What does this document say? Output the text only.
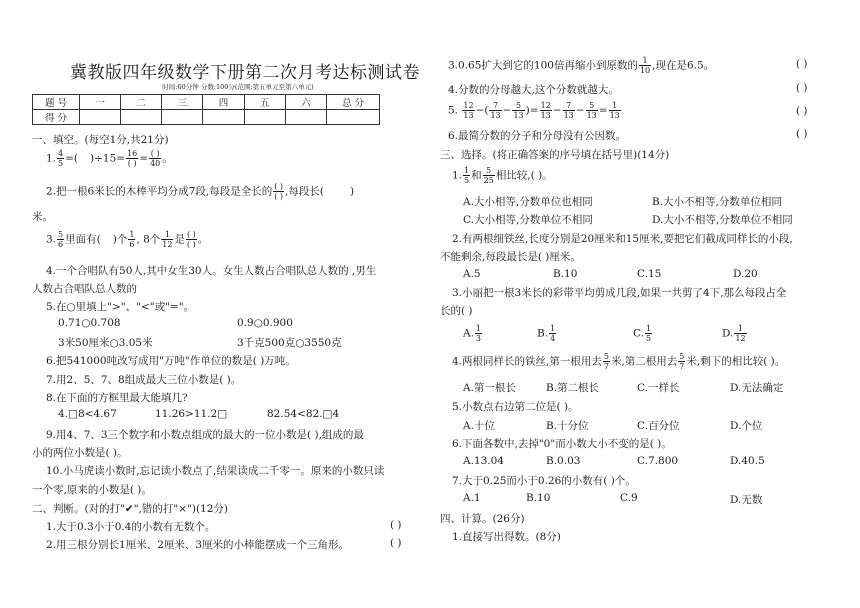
冀教版四年级数学下册第二次月考达标测试卷
时间:60分钟 分数:100分(范围:第五单元至第六单元)
题 号	一	二	三	四	五	六	总 分
得 分							
一、填空。(每空1分,共21分)
1. $\frac{4}{5}$ =( )$\div 15= \frac{16}{( )} = \frac{( )}{40}$ 。
2.把一根6米长的木棒平均分成7段,每段是全长的 $\frac{( )}{( )}$ ,每段长( )
米。
3. $\frac{5}{6}$ 里面有( )个 $\frac{1}{6}$ , 8个 $\frac{1}{12}$ 是 $\frac{( )}{( )}$ 。
4.一个合唱队有50人,其中女生30人。女生人数占合唱队总人数的 ,男生
人数占合唱队总人数的
5.在○里填上">"、"<"或"="。
0.71○0.708	0.9○0.900
3米50厘米○3.05米	3千克500克○3550克
6.把541000吨改写成用"万吨"作单位的数是( )万吨。
7.用2、5、7、8组成最大三位小数是( )。
8.在下面的方框里最大能填几?
4.□8<4.67	11.26>11.2□	82.54<82.□4
9.用4、7、3三个数字和小数点组成的最大的一位小数是( ),组成的最
小的两位小数是( )。
10.小马虎读小数时,忘记读小数点了,结果读成二千零一。原来的小数只读
一个零,原来的小数是( )。
二、判断。(对的打"✔",错的打"×")(12分)
1.大于0.3小于0.4的小数有无数个。	( )
2.用三根分别长1厘米、2厘米、3厘米的小棒能摆成一个三角形。	( )
3.0.65扩大到它的100倍再缩小到原数的 $\frac{1}{10}$ ,现在是6.5。	( )
4.分数的分母越大,这个分数就越大。	( )
5. $\frac{12}{13}$ −( $\frac{7}{13} - \frac{5}{13}$ )= $\frac{12}{13} - \frac{7}{13} - \frac{5}{13} = \frac{1}{13}$	( )
6.最简分数的分子和分母没有公因数。	( )
三、选择。(将正确答案的序号填在括号里)(14分)
1. $\frac{1}{5}$ 和 $\frac{5}{25}$ 相比较,( )。
A.大小相等,分数单位也相同	B.大小不相等,分数单位相同
C.大小相等,分数单位不相同	D.大小不相等,分数单位不相同
2.有两根细铁丝,长度分别是20厘米和15厘米,要把它们截成同样长的小段,
不能剩余,每段最长是( )厘米。
A.5	B.10	C.15	D.20
3.小丽把一根3米长的彩带平均剪成几段,如果一共剪了4下,那么每段占全
长的( )
A. $\frac{1}{3}$	B. $\frac{1}{4}$	C. $\frac{1}{5}$	D. $\frac{1}{12}$
4.两根同样长的铁丝,第一根用去 $\frac{5}{7}$ 米,第二根用去 $\frac{5}{7}$ 米,剩下的相比较( )。
A.第一根长	B.第二根长	C.一样长	D.无法确定
5.小数点右边第二位是( )。
A.十位	B.十分位	C.百分位	D.个位
6.下面各数中,去掉"0"而小数大小不变的是( )。
A.13.04	B.0.03	C.7.800	D.40.5
7.大于0.25而小于0.26的小数有( )个。
A.1	B.10	C.9	D.无数
四、计算。(26分)
1.直接写出得数。(8分)
